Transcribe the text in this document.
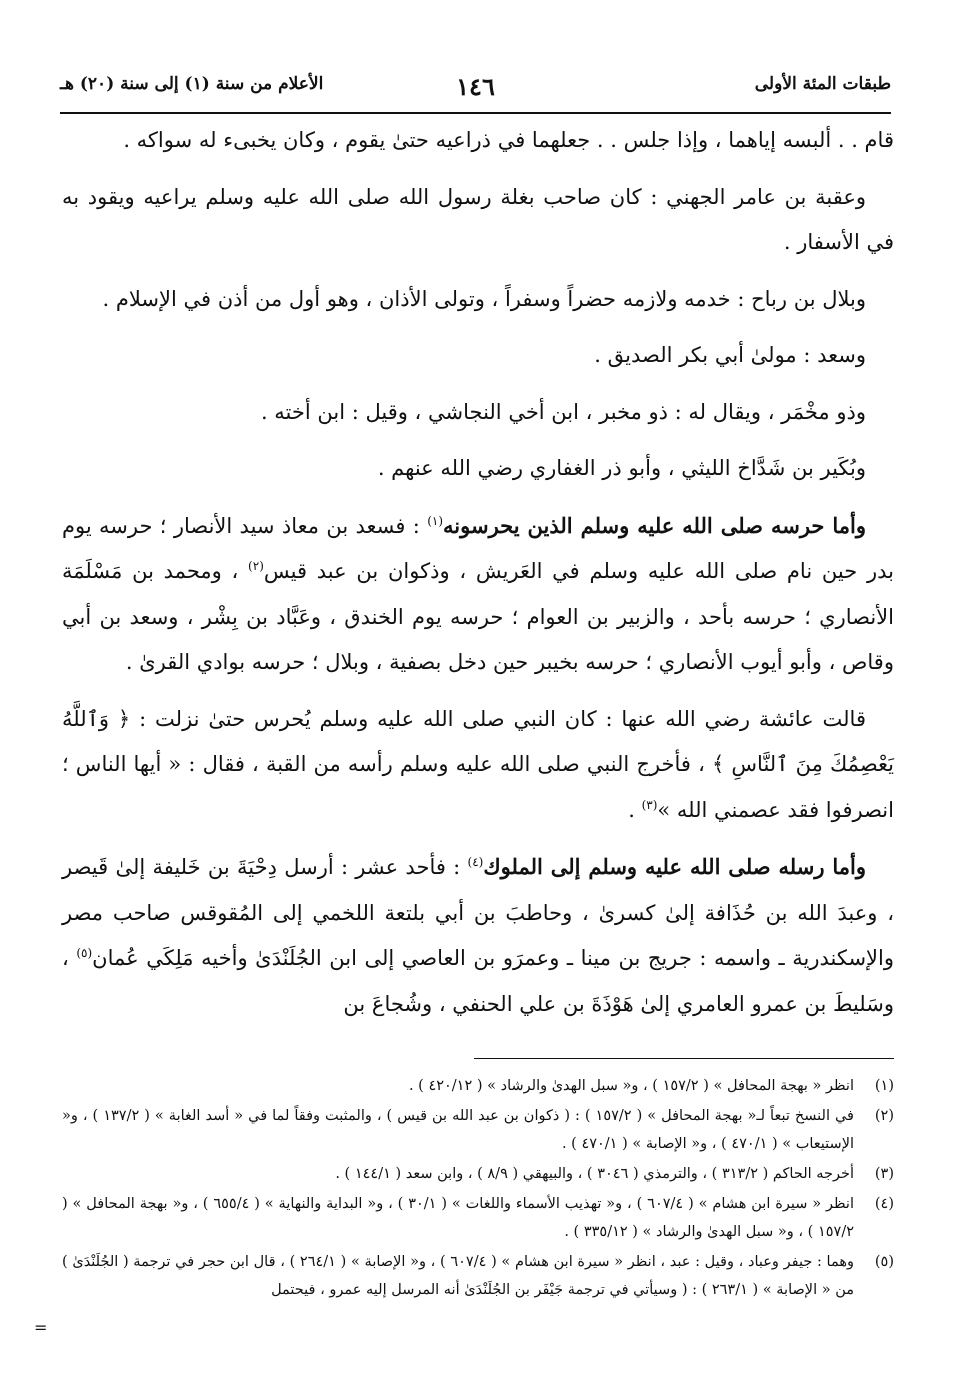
طبقات المئة الأولى
١٤٦
الأعلام من سنة (١) إلى سنة (٢٠) هـ

قام . . ألبسه إياهما ، وإذا جلس . . جعلهما في ذراعيه حتىٰ يقوم ، وكان يخبىء له سواكه .

وعقبة بن عامر الجهني : كان صاحب بغلة رسول الله صلى الله عليه وسلم يراعيه ويقود به في الأسفار .

وبلال بن رباح : خدمه ولازمه حضراً وسفراً ، وتولى الأذان ، وهو أول من أذن في الإسلام .

وسعد : مولىٰ أبي بكر الصديق .

وذو مخْمَر ، ويقال له : ذو مخبر ، ابن أخي النجاشي ، وقيل : ابن أخته .

وبُكَير بن شَدَّاخ الليثي ، وأبو ذر الغفاري رضي الله عنهم .

وأما حرسه صلى الله عليه وسلم الذين يحرسونه$^{(١)}$ : فسعد بن معاذ سيد الأنصار ؛ حرسه يوم بدر حين نام صلى الله عليه وسلم في العَريش ، وذكوان بن عبد قيس$^{(٢)}$ ، ومحمد بن مَسْلَمَة الأنصاري ؛ حرسه بأحد ، والزبير بن العوام ؛ حرسه يوم الخندق ، وعَبَّاد بن بِشْر ، وسعد بن أبي وقاص ، وأبو أيوب الأنصاري ؛ حرسه بخيبر حين دخل بصفية ، وبلال ؛ حرسه بوادي القرىٰ .

قالت عائشة رضي الله عنها : كان النبي صلى الله عليه وسلم يُحرس حتىٰ نزلت : ﴿ وَٱللَّهُ يَعْصِمُكَ مِنَ ٱلنَّاسِ ﴾ ، فأخرج النبي صلى الله عليه وسلم رأسه من القبة ، فقال : « أيها الناس ؛ انصرفوا فقد عصمني الله »$^{(٣)}$ .

وأما رسله صلى الله عليه وسلم إلى الملوك$^{(٤)}$ : فأحد عشر : أرسل دِحْيَةَ بن خَليفة إلىٰ قَيصر ، وعبدَ الله بن حُذَافة إلىٰ كسرىٰ ، وحاطبَ بن أبي بلتعة اللخمي إلى المُقوقس صاحب مصر والإسكندرية ـ واسمه : جريج بن مينا ـ وعمرَو بن العاصي إلى ابن الجُلَنْدَىٰ وأخيه مَلِكَي عُمان$^{(٥)}$ ، وسَليطَ بن عمرو العامري إلىٰ هَوْذَةَ بن علي الحنفي ، وشُجاعَ بن

(١)
انظر « بهجة المحافل » ( ١٥٧/٢ ) ، و« سبل الهدىٰ والرشاد » ( ٤٢٠/١٢ ) .
(٢)
في النسخ تبعاً لـ« بهجة المحافل » ( ١٥٧/٢ ) : ( ذكوان بن عبد الله بن قيس ) ، والمثبت وفقاً لما في « أسد الغابة » ( ١٣٧/٢ ) ، و« الإستيعاب » ( ٤٧٠/١ ) ، و« الإصابة » ( ٤٧٠/١ ) .
(٣)
أخرجه الحاكم ( ٣١٣/٢ ) ، والترمذي ( ٣٠٤٦ ) ، والبيهقي ( ٨/٩ ) ، وابن سعد ( ١٤٤/١ ) .
(٤)
انظر « سيرة ابن هشام » ( ٦٠٧/٤ ) ، و« تهذيب الأسماء واللغات » ( ٣٠/١ ) ، و« البداية والنهاية » ( ٦٥٥/٤ ) ، و« بهجة المحافل » ( ١٥٧/٢ ) ، و« سبل الهدىٰ والرشاد » ( ٣٣٥/١٢ ) .
(٥)
وهما : جيفر وعباد ، وقيل : عبد ، انظر « سيرة ابن هشام » ( ٦٠٧/٤ ) ، و« الإصابة » ( ٢٦٤/١ ) ، قال ابن حجر في ترجمة ( الجُلَنْدَىٰ ) من « الإصابة » ( ٢٦٣/١ ) : ( وسيأتي في ترجمة جَيْفَر بن الجُلَنْدَىٰ أنه المرسل إليه عمرو ، فيحتمل
=
